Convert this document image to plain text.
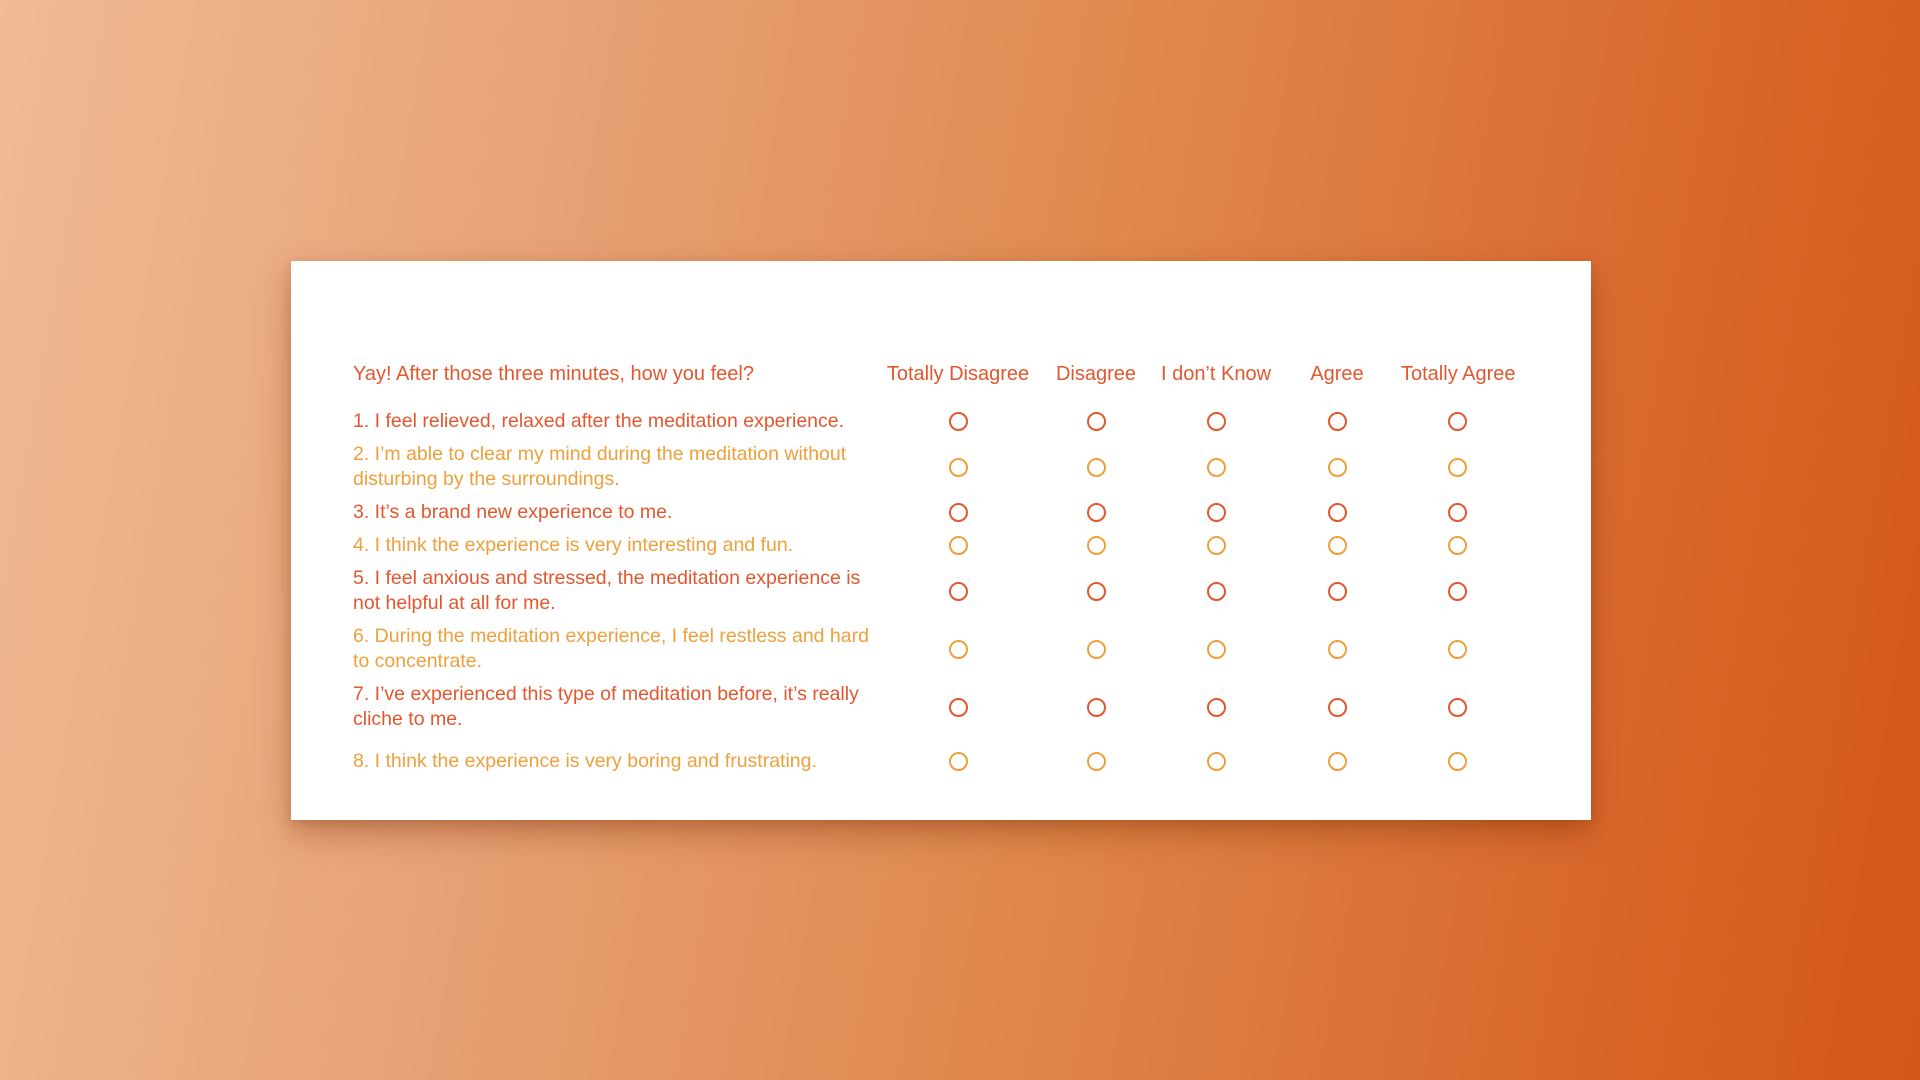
Yay! After those three minutes, how you feel?	Totally Disagree	Disagree	I don’t Know	Agree	Totally Agree
1. I feel relieved, relaxed after the meditation experience.
2. I’m able to clear my mind during the meditation without disturbing by the surroundings.
3. It’s a brand new experience to me.
4. I think the experience is very interesting and fun.
5. I feel anxious and stressed, the meditation experience is not helpful at all for me.
6. During the meditation experience, I feel restless and hard to concentrate.
7. I’ve experienced this type of meditation before, it’s really cliche to me.
8. I think the experience is very boring and frustrating.
